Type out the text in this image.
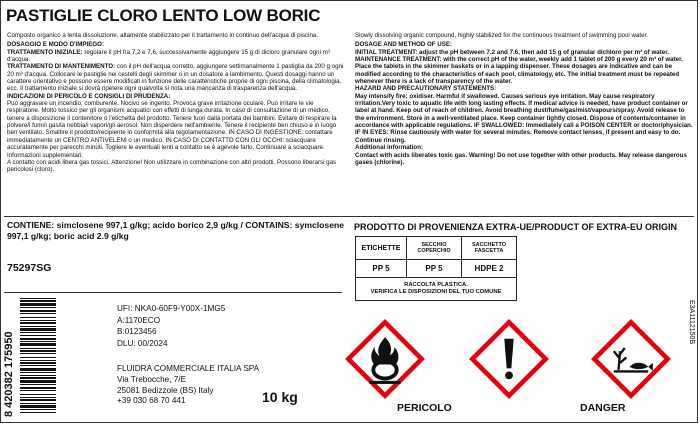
PASTIGLIE CLORO LENTO LOW BORIC

Composto organico a lenta dissoluzione, altamente stabilizzato per il trattamento in continuo dell'acqua di piscina.

DOSAGGIO E MODO D'IMPIEGO:

TRATTAMENTO INIZIALE: regolare il pH fra 7,2 e 7,6, successivamente aggiungere 15 g di dicloro granulare ogni m³ d'acqua.

TRATTAMENTO DI MANTENIMENTO: con il pH dell'acqua corretto, aggiungere settimanalmente 1 pastiglia da 200 g ogni 20 m³ d'acqua. Collocare le pastiglie nei cestelli degli skimmer o in un dosatore a lambimento. Questi dosaggi hanno un carattere orientativo e possono essere modificati in funzione delle caratteristiche proprie di ogni piscina, della climatologia, ecc. Il trattamento iniziale si dovrà ripetere ogni qualvolta si nota una mancanza di trasparenza dell'acqua.

INDICAZIONI DI PERICOLO E CONSIGLI DI PRUDENZA:

Può aggravare un incendio; comburente. Nocivo se ingerito. Provoca grave irritazione oculare. Può irritare le vie respiratorie. Molto tossico per gli organismi acquatici con effetti di lunga durata. In caso di consultazione di un medico, tenere a disposizione il contenitore o l'etichetta del prodotto. Tenere fuori dalla portata dei bambini. Evitare di respirare la polvere/i fumi/i gas/la nebbia/i vapori/gli aerosol. Non disperdere nell'ambiente. Tenere il recipiente ben chiuso e in luogo ben ventilato. Smaltire il prodotto/recipiente in conformità alla regolamentazione. IN CASO DI INGESTIONE: contattare immediatamente un CENTRO ANTIVELENI o un medico. IN CASO DI CONTATTO CON GLI OCCHI: sciacquare accuratamente per parecchi minuti. Togliere le eventuali lenti a contatto se è agevole farlo. Continuare a sciacquare.

Informazioni supplementari:

A contatto con acidi libera gas tossici. Attenzione! Non utilizzare in combinazione con altri prodotti. Possono liberarsi gas pericolosi (cloro).

Slowly dissolving organic compound, highly stabilized for the continuous treatment of swimming pool water.

DOSAGE AND METHOD OF USE:

INITIAL TREATMENT: adjust the pH between 7.2 and 7.6, then add 15 g of granular dichloro per m³ of water.

MAINTENANCE TREATMENT: with the correct pH of the water, weekly add 1 tablet of 200 g every 20 m³ of water. Place the tablets in the skimmer baskets or in a lapping dispenser. These dosages are indicative and can be modified according to the characteristics of each pool, climatology, etc. The initial treatment must be repeated whenever there is a lack of transparency of the water.

HAZARD AND PRECAUTIONARY STATEMENTS:

May intensify fire; oxidiser. Harmful if swallowed. Causes serious eye irritation. May cause respiratory irritation.Very toxic to aquatic life with long lasting effects. If medical advice is needed, have product container or label at hand. Keep out of reach of children. Avoid breathing dust/fume/gas/mist/vapours/spray. Avoid release to the environment. Store in a well-ventilated place. Keep container tightly closed. Dispose of contents/container in accordance with applicable regulations. IF SWALLOWED: Immediately call a POISON CENTER or doctor/physician. IF IN EYES: Rinse cautiously with water for several minutes. Remove contact lenses, if present and easy to do. Continue rinsing.

Additional information:

Contact with acids liberates toxic gas. Warning! Do not use together with other products. May release dangerous gases (chlorine).

CONTIENE: simclosene 997,1 g/kg; acido borico 2,9 g/kg / CONTAINS: symclosene 997,1 g/kg; boric acid 2.9 g/kg
PRODOTTO DI PROVENIENZA EXTRA-UE/PRODUCT OF EXTRA-EU ORIGIN
75297SG
ETICHETTE	SECCHIO COPERCHIO	SACCHETTO FASCETTA
PP 5	PP 5	HDPE 2

RACCOLTA PLASTICA.
VERIFICA LE DISPOSIZIONI DEL TUO COMUNE		
8 420382 175950
UFI: NKA0-60F9-Y00X-1MG5
A:1170ECO
B:0123456
DLU: 00/2024
FLUIDRA COMMERCIALE ITALIA SPA
Via Trebocche, 7/E
25081 Bedizzole (BS) Italy
+39 030 68 70 441	10 kg
PERICOLO	DANGER
E3A1112150B
